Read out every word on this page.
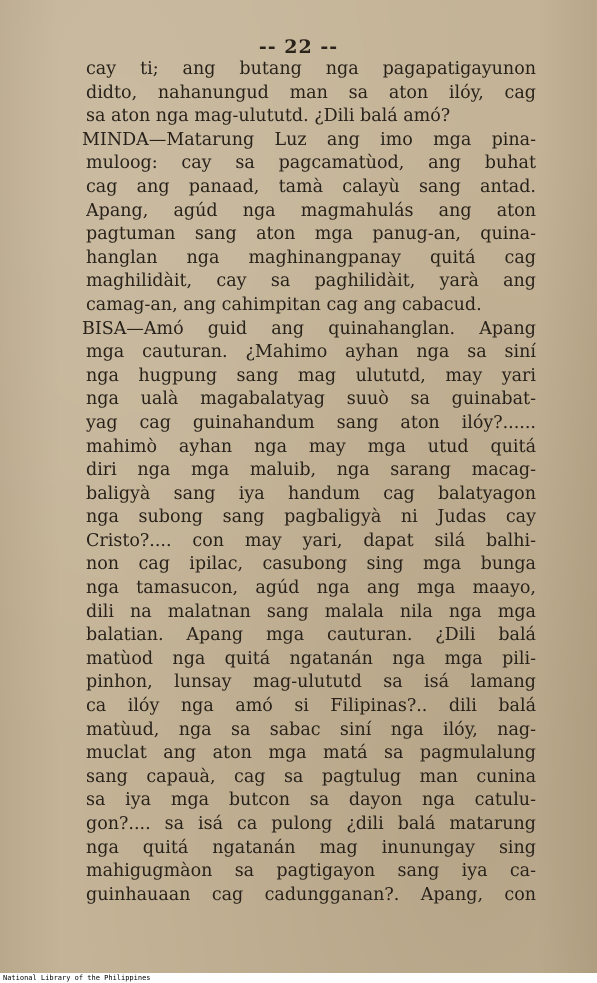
-- 22 --
cay ti; ang butang nga pagapatigayunon
didto, nahanungud man sa aton ilóy, cag
sa aton nga mag-ulututd. ¿Dili balá amó?
MINDA—Matarung Luz ang imo mga pina-
muloog: cay sa pagcamatùod, ang buhat
cag ang panaad, tamà calayù sang antad.
Apang, agúd nga magmahulás ang aton
pagtuman sang aton mga panug-an, quina-
hanglan nga maghinangpanay quitá cag
maghilidàit, cay sa paghilidàit, yarà ang
camag-an, ang cahimpitan cag ang cabacud.
BISA—Amó guid ang quinahanglan. Apang
mga cauturan. ¿Mahimo ayhan nga sa siní
nga hugpung sang mag ulututd, may yari
nga ualà magabalatyag suuò sa guinabat-
yag cag guinahandum sang aton ilóy?......
mahimò ayhan nga may mga utud quitá
diri nga mga maluib, nga sarang macag-
baligyà sang iya handum cag balatyagon
nga subong sang pagbaligyà ni Judas cay
Cristo?.... con may yari, dapat silá balhi-
non cag ipilac, casubong sing mga bunga
nga tamasucon, agúd nga ang mga maayo,
dili na malatnan sang malala nila nga mga
balatian. Apang mga cauturan. ¿Dili balá
matùod nga quitá ngatanán nga mga pili-
pinhon, lunsay mag-ulututd sa isá lamang
ca ilóy nga amó si Filipinas?.. dili balá
matùud, nga sa sabac siní nga ilóy, nag-
muclat ang aton mga matá sa pagmulalung
sang capauà, cag sa pagtulug man cunina
sa iya mga butcon sa dayon nga catulu-
gon?.... sa isá ca pulong ¿dili balá matarung
nga quitá ngatanán mag inunungay sing
mahigugmàon sa pagtigayon sang iya ca-
guinhauaan cag cadungganan?. Apang, con
National Library of the Philippines
